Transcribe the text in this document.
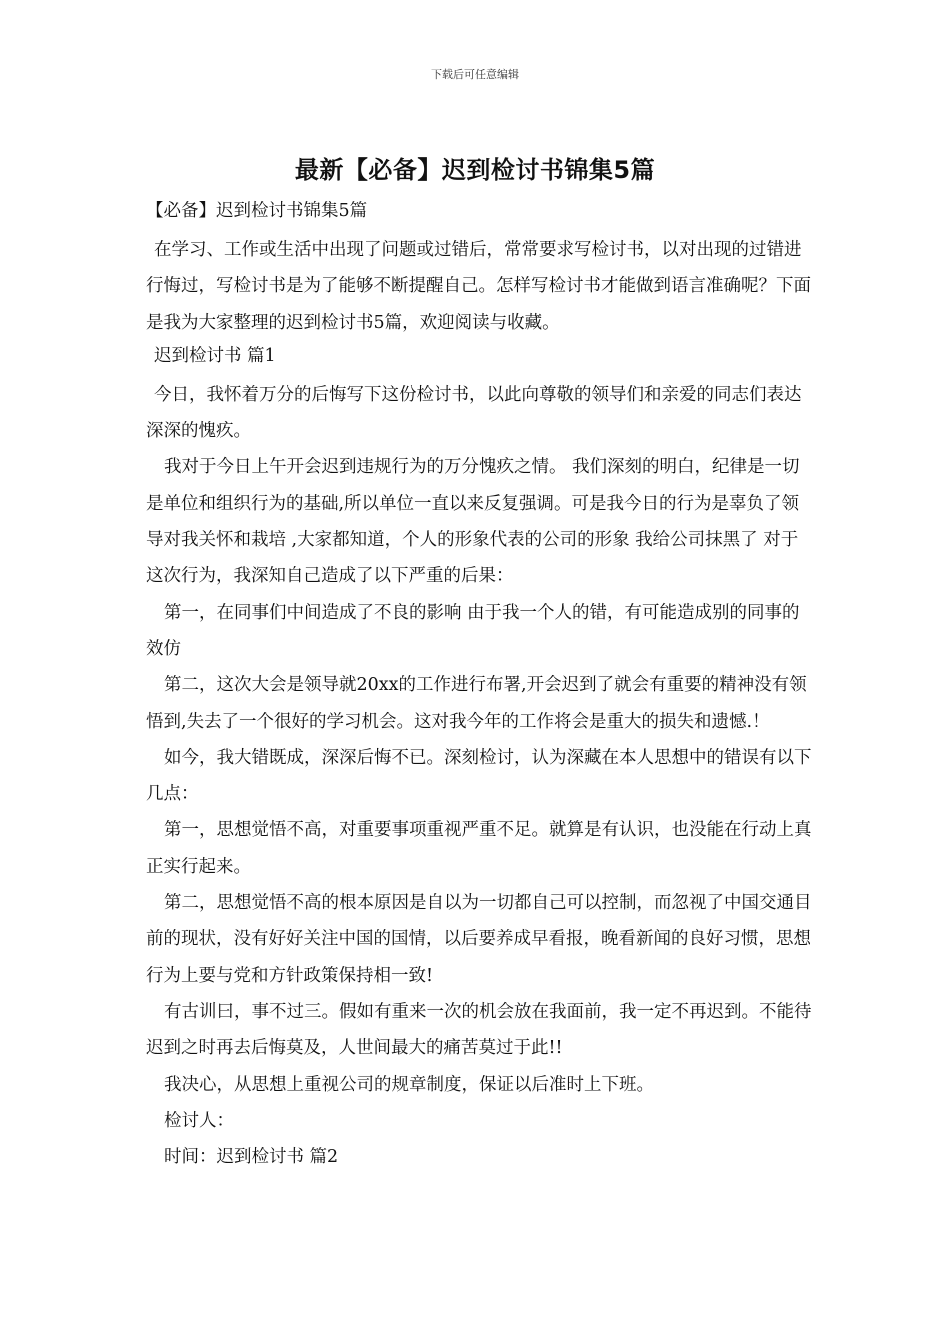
下载后可任意编辑
最新【必备】迟到检讨书锦集5篇

【必备】迟到检讨书锦集5篇

在学习、工作或生活中出现了问题或过错后，常常要求写检讨书，以对出现的过错进行悔过，写检讨书是为了能够不断提醒自己。怎样写检讨书才能做到语言准确呢？下面是我为大家整理的迟到检讨书5篇，欢迎阅读与收藏。

迟到检讨书 篇1

今日，我怀着万分的后悔写下这份检讨书，以此向尊敬的领导们和亲爱的同志们表达深深的愧疚。

我对于今日上午开会迟到违规行为的万分愧疚之情。 我们深刻的明白，纪律是一切 是单位和组织行为的基础,所以单位一直以来反复强调。可是我今日的行为是辜负了领导对我关怀和栽培 ,大家都知道，个人的形象代表的公司的形象 我给公司抹黑了 对于这次行为，我深知自己造成了以下严重的后果：

第一，在同事们中间造成了不良的影响 由于我一个人的错，有可能造成别的同事的效仿

第二，这次大会是领导就20xx的工作进行布署,开会迟到了就会有重要的精神没有领悟到,失去了一个很好的学习机会。这对我今年的工作将会是重大的损失和遗憾.！

如今，我大错既成，深深后悔不已。深刻检讨，认为深藏在本人思想中的错误有以下几点：

第一，思想觉悟不高，对重要事项重视严重不足。就算是有认识，也没能在行动上真正实行起来。

第二，思想觉悟不高的根本原因是自以为一切都自己可以控制，而忽视了中国交通目前的现状，没有好好关注中国的国情，以后要养成早看报，晚看新闻的良好习惯，思想 行为上要与党和方针政策保持相一致!

有古训曰，事不过三。假如有重来一次的机会放在我面前，我一定不再迟到。不能待迟到之时再去后悔莫及，人世间最大的痛苦莫过于此!!

我决心，从思想上重视公司的规章制度，保证以后准时上下班。

检讨人：

时间：迟到检讨书 篇2
